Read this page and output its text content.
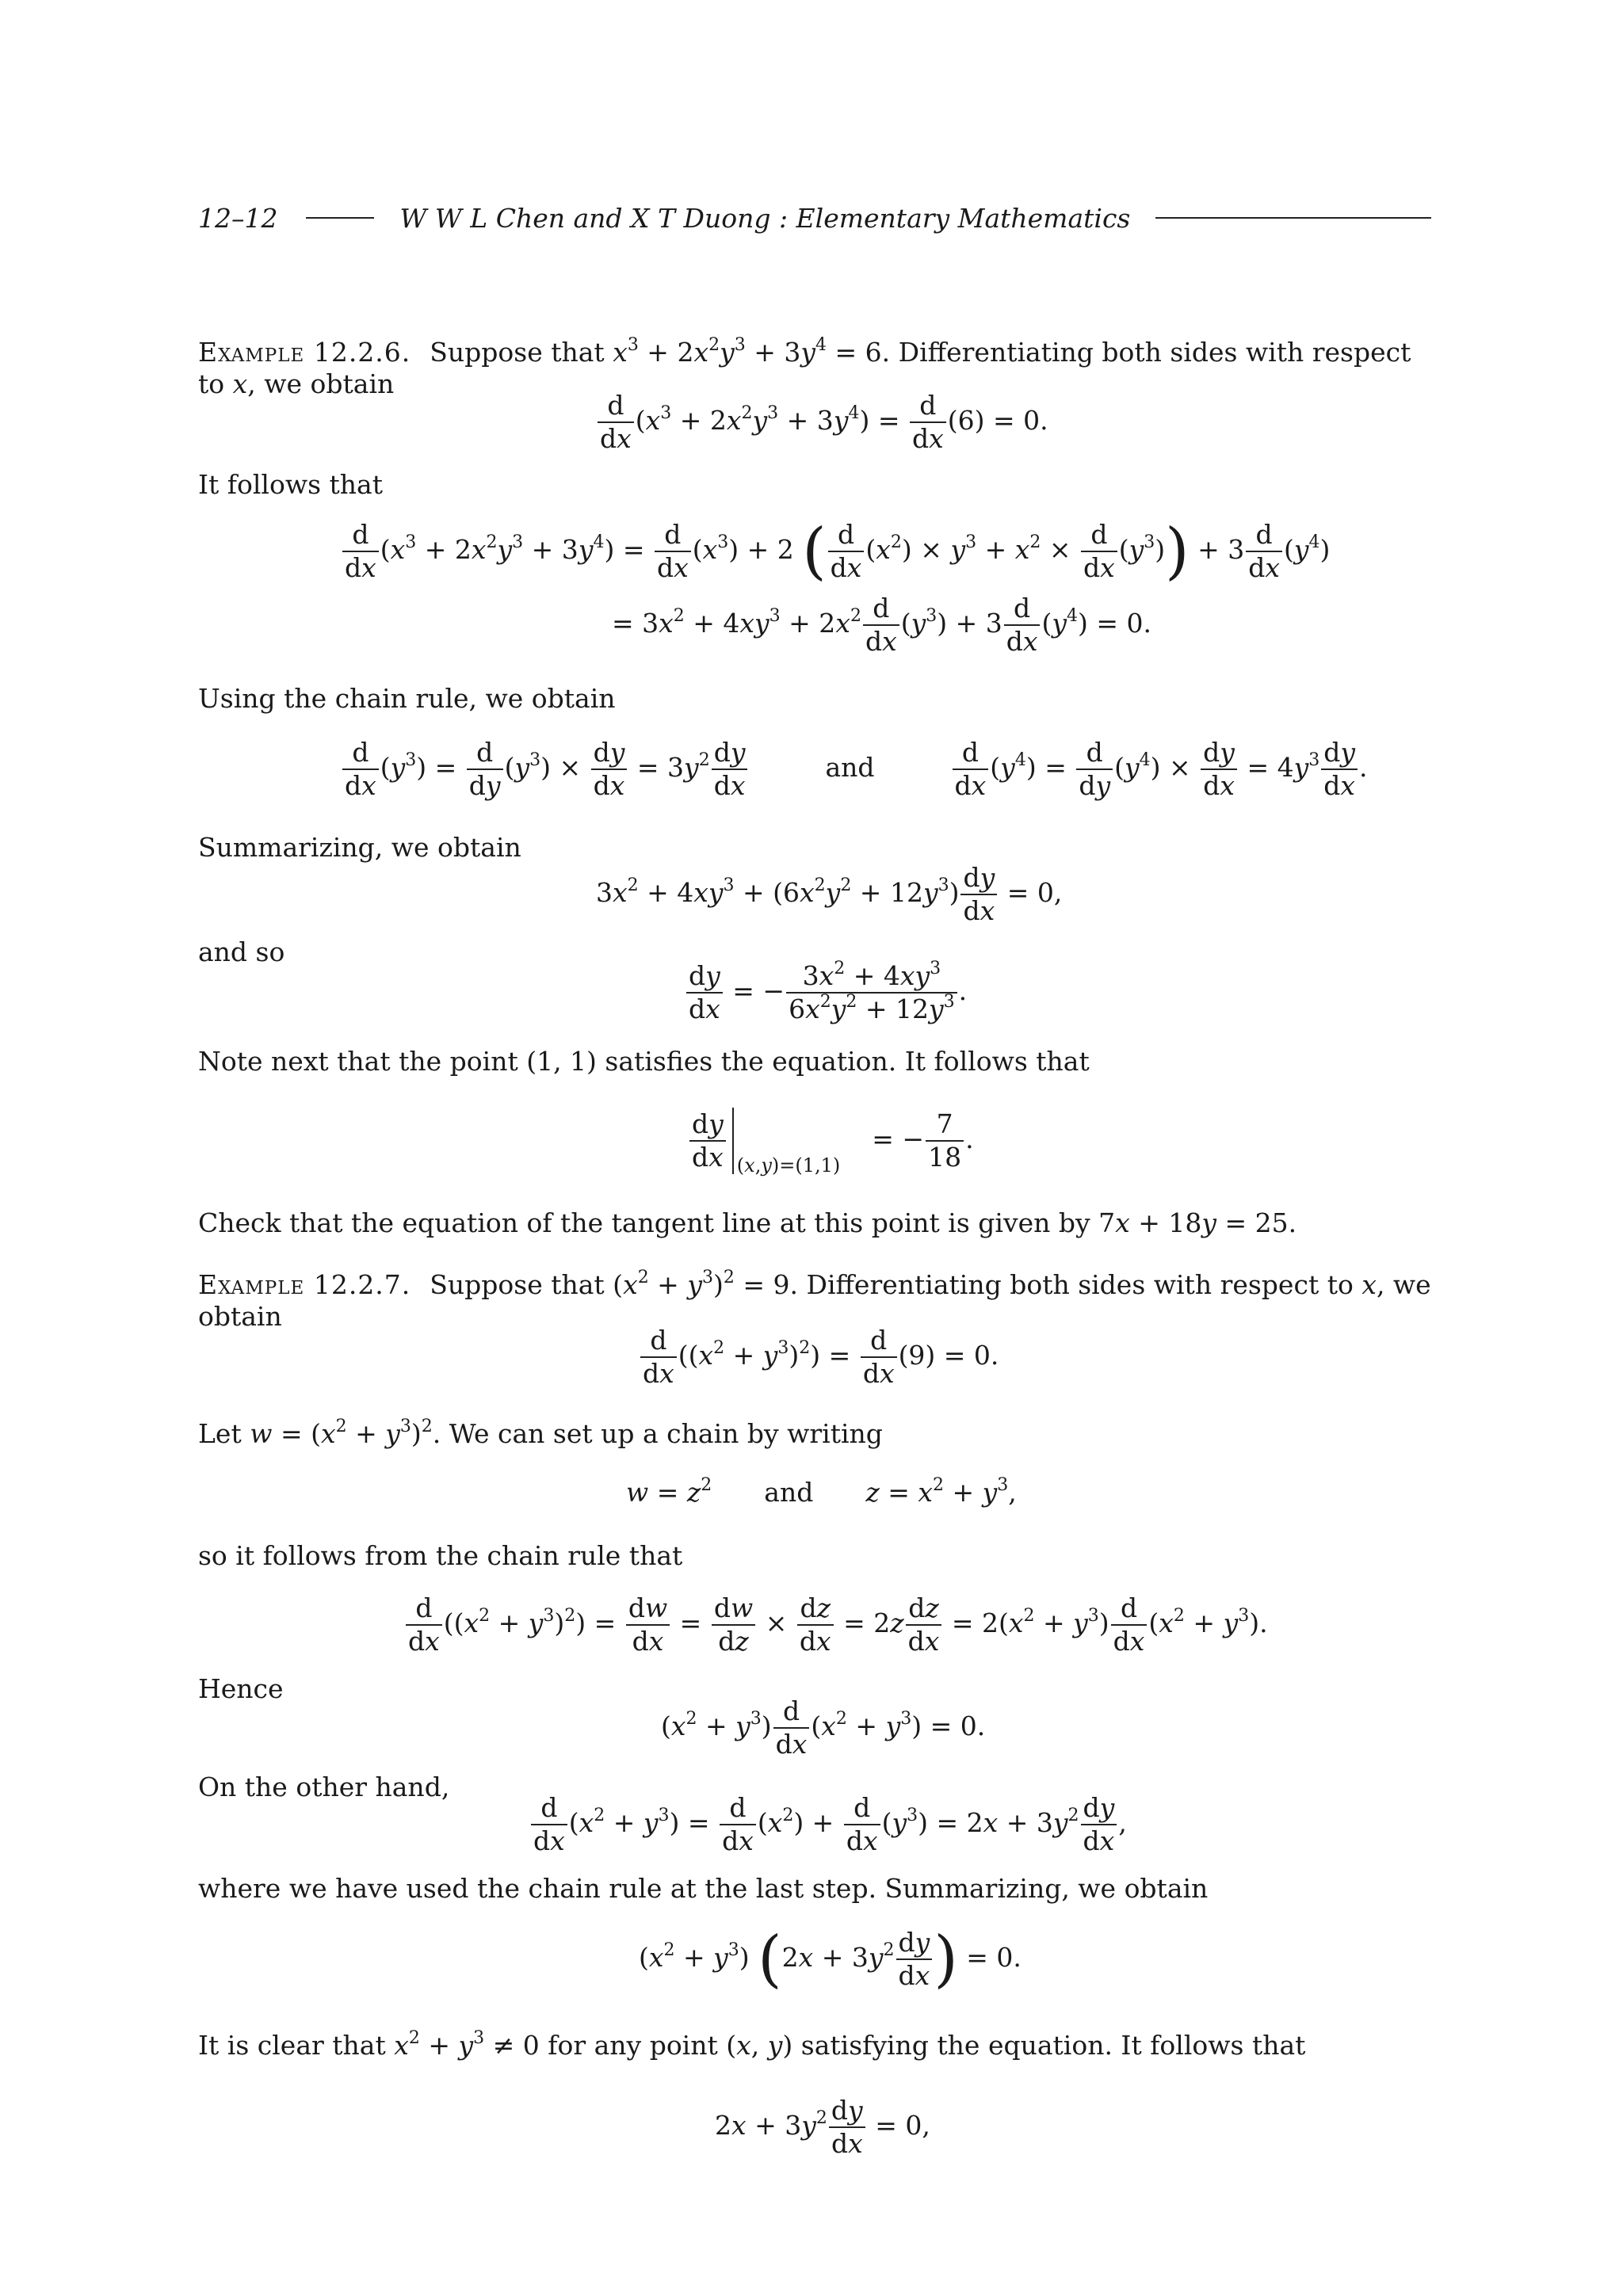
12–12	W W L Chen and X T Duong : Elementary Mathematics
Example 12.2.6. Suppose that $x^3 + 2x^2y^3 + 3y^4 = 6$. Differentiating both sides with respect to x, we obtain
$\frac{d}{dx} (x^3 + 2x^2y^3 + 3y^4) = \frac{d}{dx} (6) = 0$.
It follows that
$\frac{d}{dx} (x^3 + 2x^2y^3 + 3y^4) = \frac{d}{dx} (x^3) + 2$ ( $\frac{d}{dx} (x^2) \times y^3 + x^2 \times \frac{d}{dx} (y^3)) + 3 \frac{d}{dx} (y^4)$
= $3x^2 + 4xy^3 + 2x^2 \frac{d}{dx} (y^3) + 3 \frac{d}{dx} (y^4) = 0$.
Using the chain rule, we obtain
$\frac{d}{dx} (y^3) = \frac{d}{dy} (y^3) \times \frac{dy}{dx} = 3y^2 \frac{dy}{dx}$	and	$\frac{d}{dx} (y^4) = \frac{d}{dy} (y^4) \times \frac{dy}{dx} = 4y^3 \frac{dy}{dx}$ .
Summarizing, we obtain
$3x^2 + 4xy^3 + (6x^2y^2 + 12y^3) \frac{dy}{dx} = 0$,
and so
$\frac{dy}{dx}$ = − $\frac{3x^2 + 4xy^3}{6x^2y^2 + 12y^3}$ .
Note next that the point (1, 1) satisfies the equation. It follows that
$\frac{dy}{dx} _{(x,y)=(1,1)}= - \frac{7}{18}$ .
Check that the equation of the tangent line at this point is given by 7x + 18y = 25.
Example 12.2.7. Suppose that $(x^2 + y^3)^2 = 9$. Differentiating both sides with respect to x, we obtain
$\frac{d}{dx} ((x^2 + y^3)^2) = \frac{d}{dx} (9) = 0$.
Let $w = (x^2 + y^3)^2$. We can set up a chain by writing
$w = z^2$ and $z = x^2 + y^3$,
so it follows from the chain rule that
$\frac{d}{dx} ((x^2 + y^3)^2) = \frac{dw}{dx} = \frac{dw}{dz} \times \frac{dz}{dx} = 2z \frac{dz}{dx} = 2(x^2 + y^3) \frac{d}{dx} (x^2 + y^3)$.
Hence
$(x^2 + y^3) \frac{d}{dx} (x^2 + y^3) = 0$.
On the other hand,
$\frac{d}{dx} (x^2 + y^3) = \frac{d}{dx} (x^2) + \frac{d}{dx} (y^3) = 2x + 3y^2 \frac{dy}{dx}$ ,
where we have used the chain rule at the last step. Summarizing, we obtain
$(x^2 + y^3) (2x + 3y^2 \frac{dy}{dx}$ ) = 0.
It is clear that $x^2 + y^3 \ne 0$ for any point (x, y) satisfying the equation. It follows that
$2x + 3y^2 \frac{dy}{dx} = 0$,
